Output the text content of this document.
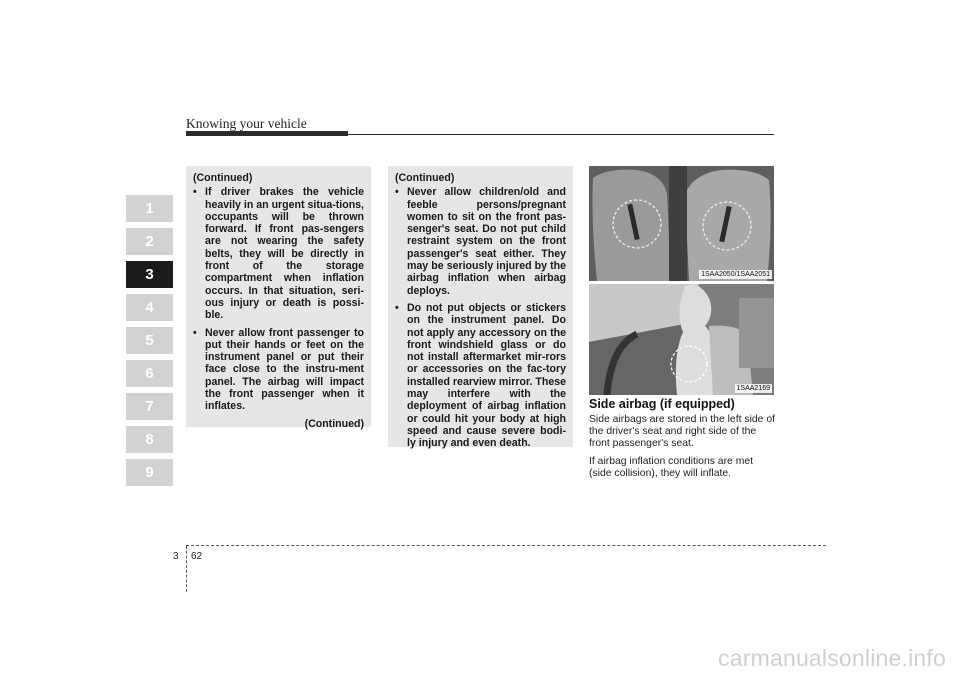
Knowing your vehicle
1
2
3
4
5
6
7
8
9
(Continued)
• If driver brakes the vehicle heavily in an urgent situa-tions, occupants will be thrown forward. If front pas-sengers are not wearing the safety belts, they will be directly in front of the storage compartment when inflation occurs. In that situation, seri-ous injury or death is possi-ble.
• Never allow front passenger to put their hands or feet on the instrument panel or put their face close to the instru-ment panel. The airbag will impact the front passenger when it inflates.
(Continued)
(Continued)
• Never allow children/old and feeble persons/pregnant women to sit on the front pas-senger's seat. Do not put child restraint system on the front passenger's seat either. They may be seriously injured by the airbag inflation when airbag deploys.
• Do not put objects or stickers on the instrument panel. Do not apply any accessory on the front windshield glass or do not install aftermarket mir-rors or accessories on the fac-tory installed rearview mirror. These may interfere with the deployment of airbag inflation or could hit your body at high speed and cause severe bodi-ly injury and even death.
1SAA2050/1SAA2051
1SAA2169
Side airbag (if equipped)
Side airbags are stored in the left side of the driver's seat and right side of the front passenger's seat.
If airbag inflation conditions are met (side collision), they will inflate.
3 62
carmanualsonline.info
